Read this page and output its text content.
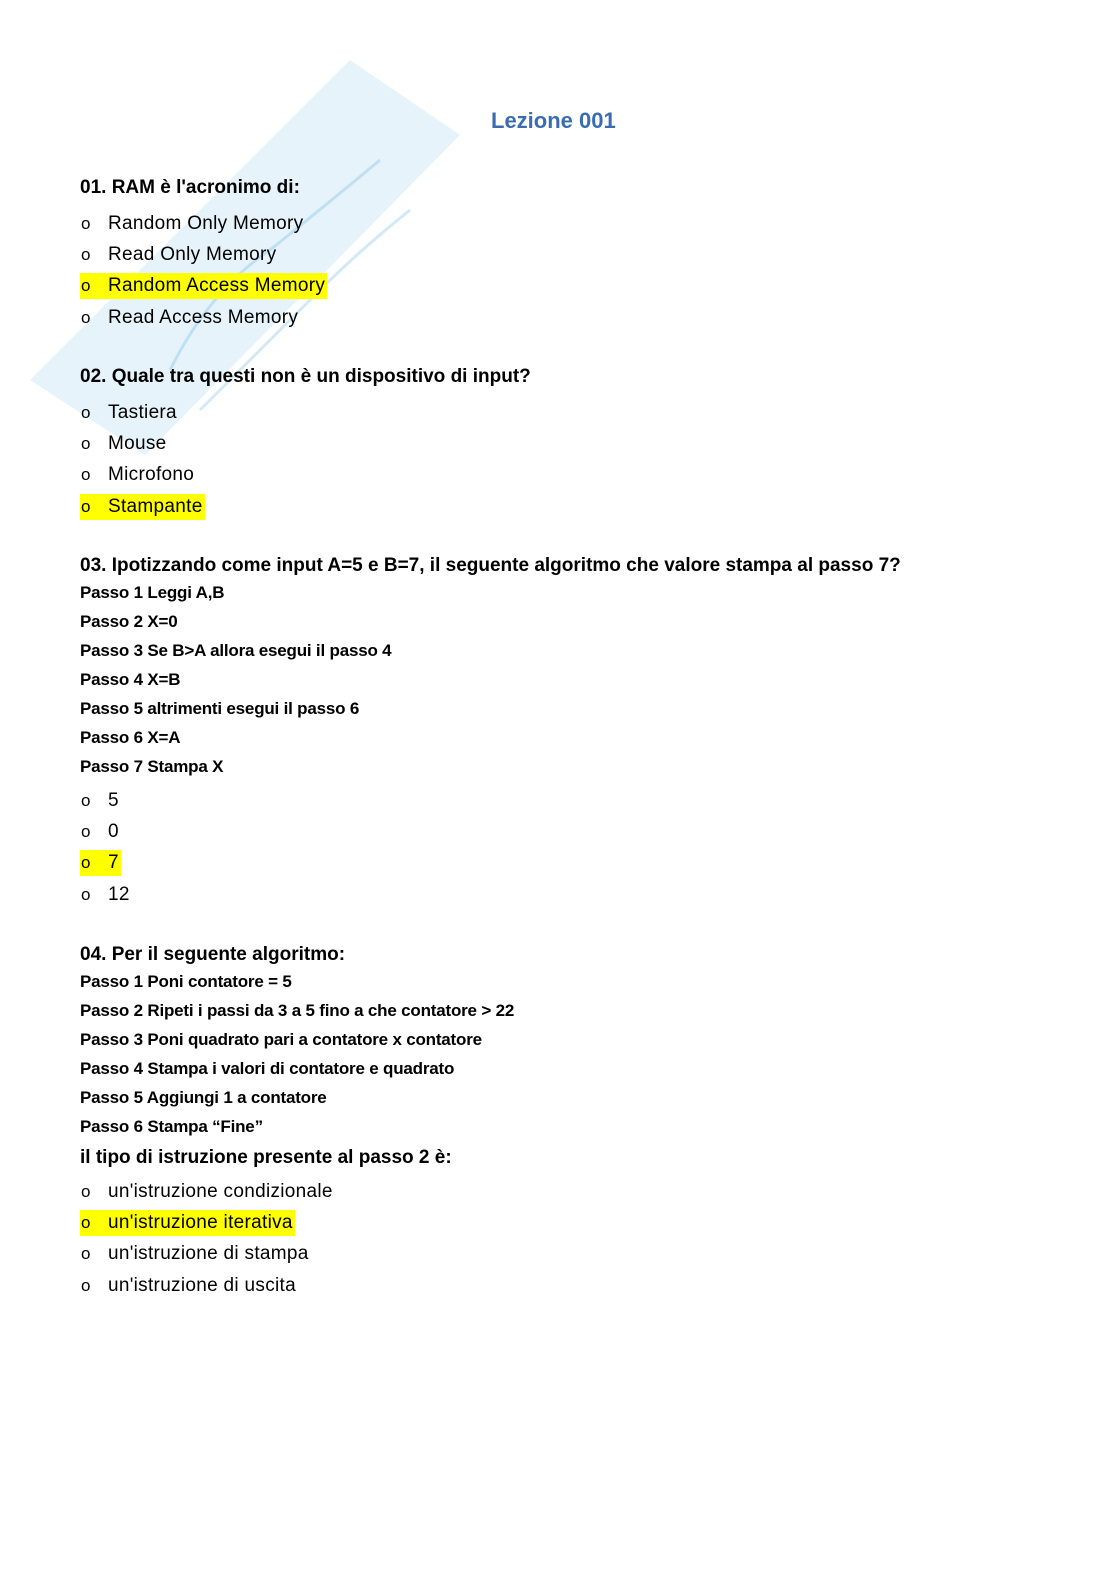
Lezione 001
01. RAM è l'acronimo di:
o Random Only Memory
o Read Only Memory
o Random Access Memory
o Read Access Memory
02. Quale tra questi non è un dispositivo di input?
o Tastiera
o Mouse
o Microfono
o Stampante
03. Ipotizzando come input A=5 e B=7, il seguente algoritmo che valore stampa al passo 7?
Passo 1 Leggi A,B
Passo 2 X=0
Passo 3 Se B>A allora esegui il passo 4
Passo 4 X=B
Passo 5 altrimenti esegui il passo 6
Passo 6 X=A
Passo 7 Stampa X
o 5
o 0
o 7
o 12
04. Per il seguente algoritmo:
Passo 1 Poni contatore = 5
Passo 2 Ripeti i passi da 3 a 5 fino a che contatore > 22
Passo 3 Poni quadrato pari a contatore x contatore
Passo 4 Stampa i valori di contatore e quadrato
Passo 5 Aggiungi 1 a contatore
Passo 6 Stampa “Fine”
il tipo di istruzione presente al passo 2 è:
o un'istruzione condizionale
o un'istruzione iterativa
o un'istruzione di stampa
o un'istruzione di uscita
